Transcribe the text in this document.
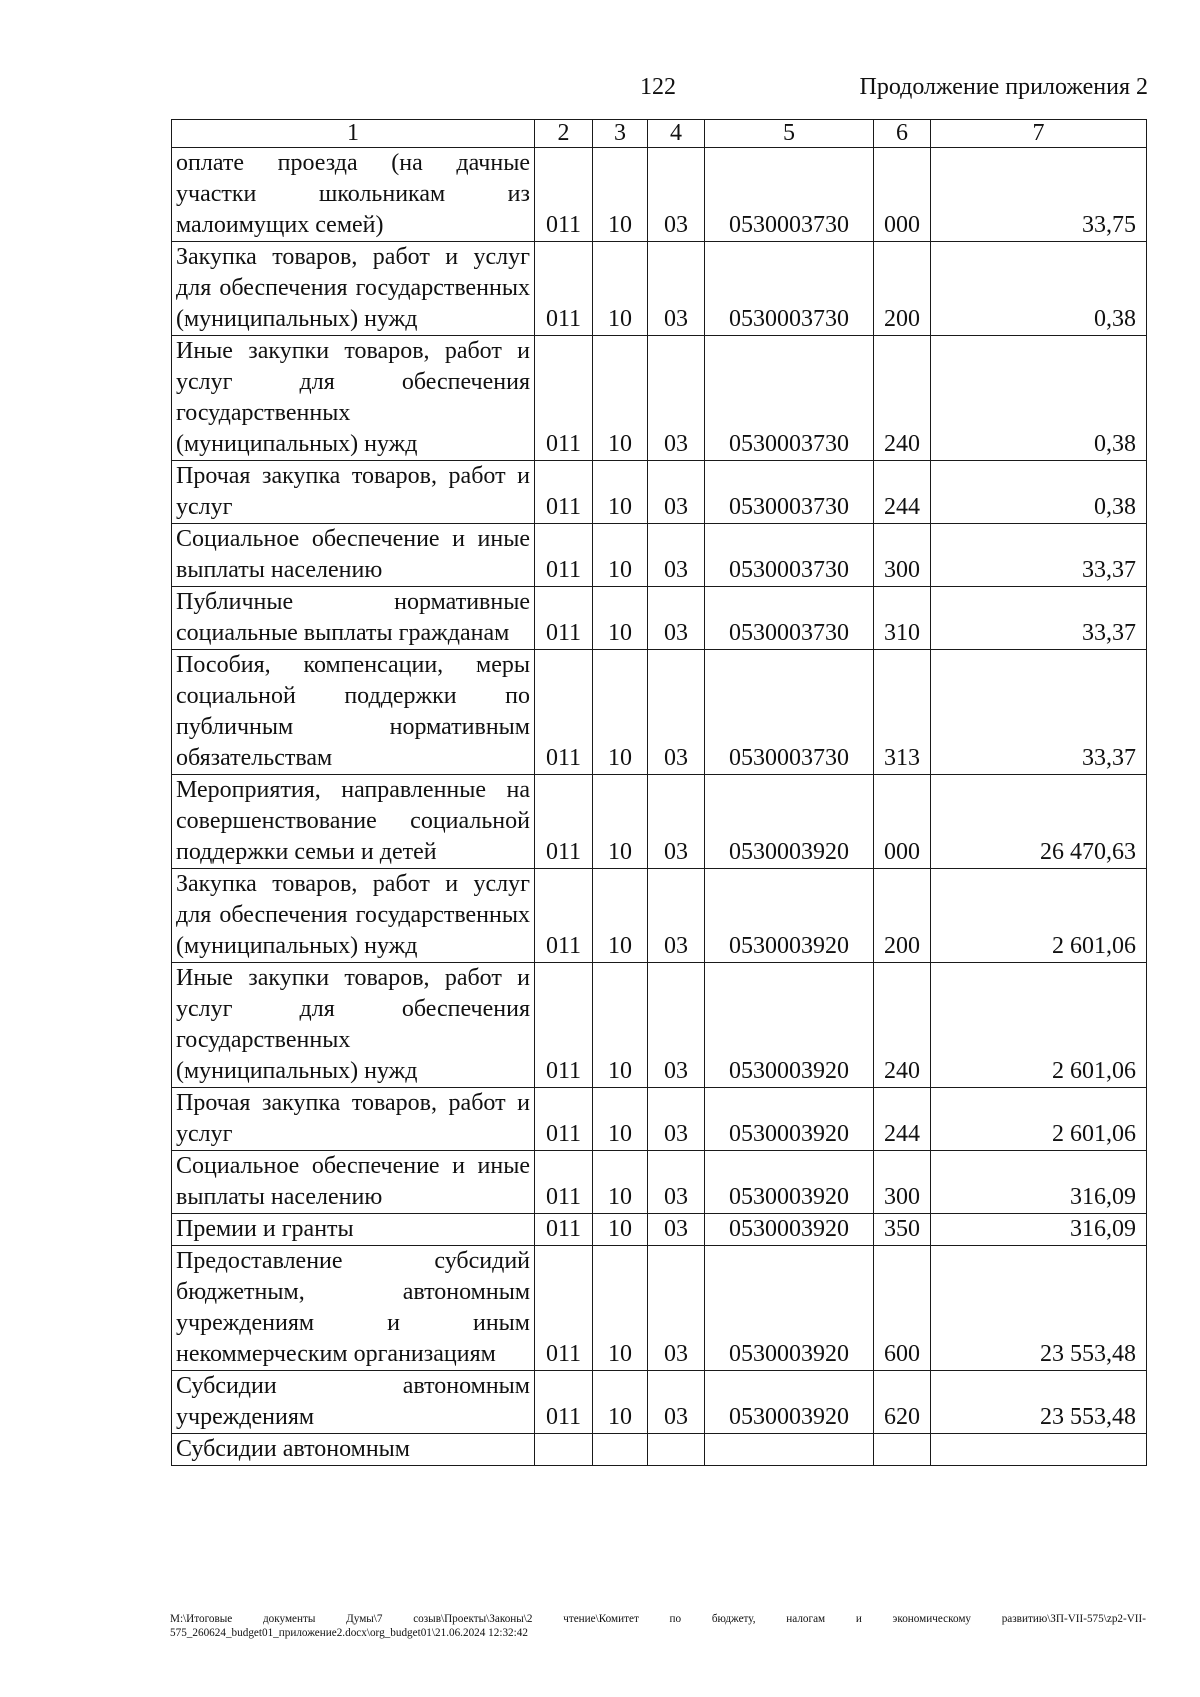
122	Продолжение приложения 2
1	2	3	4	5	6	7

оплате проезда (на дачные участки школьникам из малоимущих семей)	011	10	03	0530003730	000	33,75

Закупка товаров, работ и услуг для обеспечения государственных (муниципальных) нужд	011	10	03	0530003730	200	0,38

Иные закупки товаров, работ и услуг для обеспечения государственных (муниципальных) нужд	011	10	03	0530003730	240	0,38

Прочая закупка товаров, работ и услуг	011	10	03	0530003730	244	0,38

Социальное обеспечение и иные выплаты населению	011	10	03	0530003730	300	33,37

Публичные нормативные социальные выплаты гражданам	011	10	03	0530003730	310	33,37

Пособия, компенсации, меры социальной поддержки по публичным нормативным обязательствам	011	10	03	0530003730	313	33,37

Мероприятия, направленные на совершенствование социальной поддержки семьи и детей	011	10	03	0530003920	000	26 470,63

Закупка товаров, работ и услуг для обеспечения государственных (муниципальных) нужд	011	10	03	0530003920	200	2 601,06

Иные закупки товаров, работ и услуг для обеспечения государственных (муниципальных) нужд	011	10	03	0530003920	240	2 601,06

Прочая закупка товаров, работ и услуг	011	10	03	0530003920	244	2 601,06

Социальное обеспечение и иные выплаты населению	011	10	03	0530003920	300	316,09

Премии и гранты	011	10	03	0530003920	350	316,09

Предоставление субсидий бюджетным, автономным учреждениям и иным некоммерческим организациям	011	10	03	0530003920	600	23 553,48

Субсидии автономным учреждениям	011	10	03	0530003920	620	23 553,48

Субсидии автономным						

M:\Итоговые документы Думы\7 созыв\Проекты\Законы\2 чтение\Комитет по бюджету, налогам и экономическому развитию\ЗП-VII-575\zp2-VII-575_260624_budget01_приложение2.docx\org_budget01\21.06.2024 12:32:42
